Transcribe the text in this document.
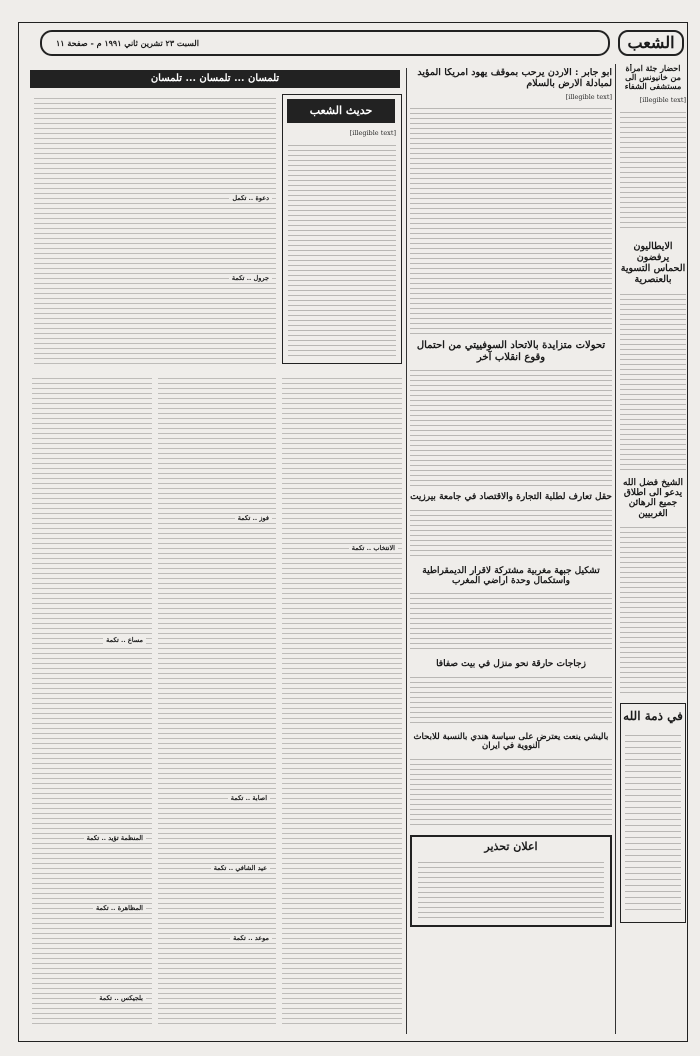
السبت ٢٣ تشرين ثاني ١٩٩١ م - صفحة ١١	الشعب
احضار جثة امرأة من خانيونس الى مستشفى الشفاء

[illegible text]

الايطاليون يرفضون الحماس التسوية بالعنصرية
الشيخ فضل الله يدعو الى اطلاق جميع الرهائن الغربيين
في ذمة الله
تلمسان ... تلمسان ... تلمسان
حديث الشعب

[illegible text]

دعوة .. تكمل
جرول .. تكمة
فوز .. تكمة
موعد .. تكمة
الانتخاب .. تكمة
مساع .. تكمة
عيد الشافي .. تكمة
اصابة .. تكمة
المنظمة تؤيد .. تكمة
المظاهرة .. تكمة
بلجيكس .. تكمة
ابو جابر : الاردن يرحب بموقف يهود امريكا المؤيد لمبادلة الارض بالسلام

[illegible text]

تحولات متزايدة بالاتحاد السوفييتي من احتمال وقوع انقلاب آخر
حقل تعارف لطلبة التجارة والاقتصاد في جامعة بيرزيت
تشكيل جبهة مغربية مشتركة لاقرار الديمقراطية واستكمال وحدة اراضي المغرب
زجاجات حارقة نحو منزل في بيت صفافا
باليشي ينعت يعترض على سياسة هندي بالنسبة للابحاث النووية في ايران
اعلان تحذير
